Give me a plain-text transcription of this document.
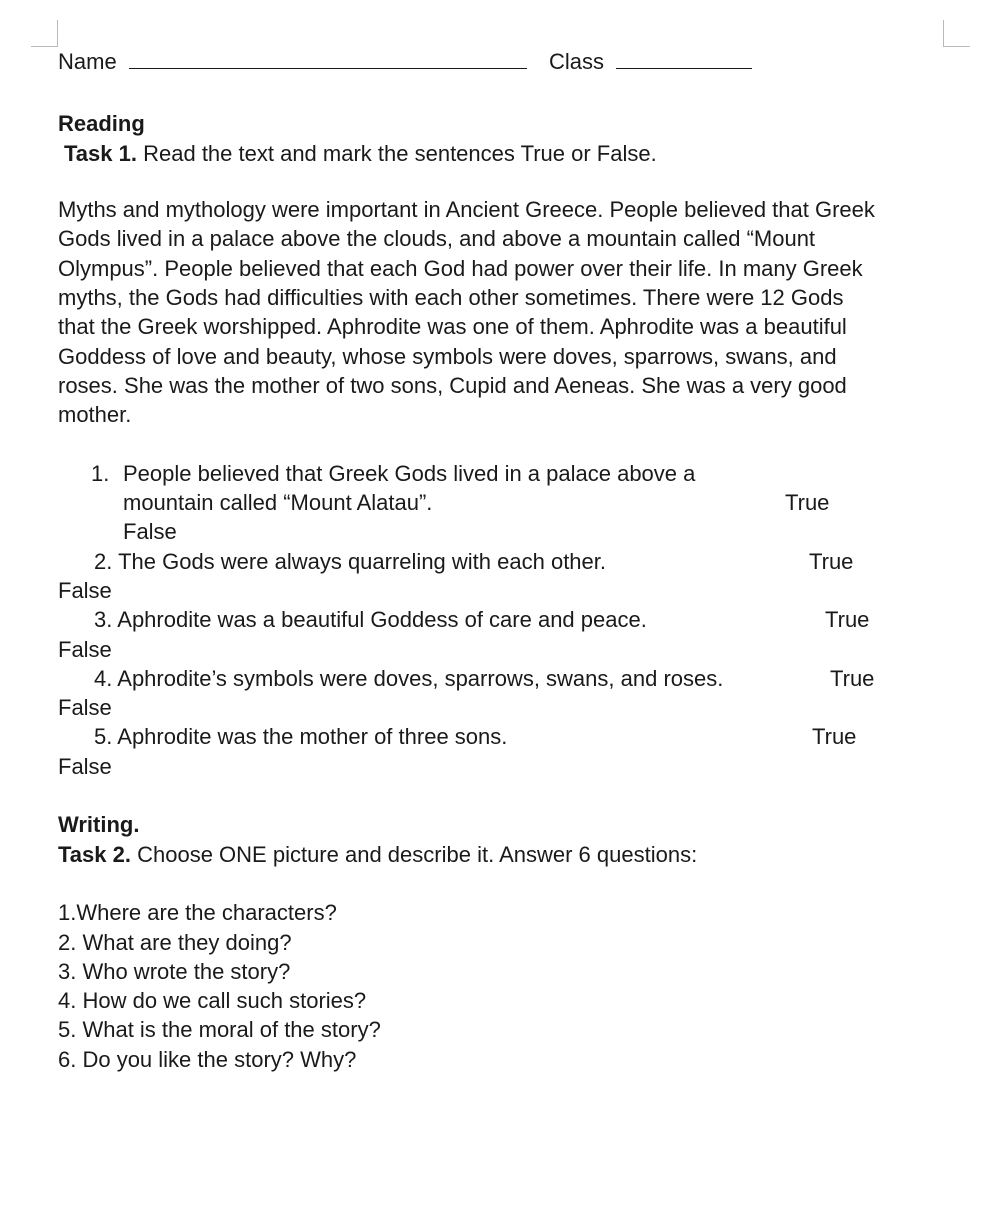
Name	Class
Reading
Task 1. Read the text and mark the sentences True or False.
Myths and mythology were important in Ancient Greece. People believed that Greek
Gods lived in a palace above the clouds, and above a mountain called “Mount
Olympus”. People believed that each God had power over their life. In many Greek
myths, the Gods had difficulties with each other sometimes. There were 12 Gods
that the Greek worshipped. Aphrodite was one of them. Aphrodite was a beautiful
Goddess of love and beauty, whose symbols were doves, sparrows, swans, and
roses. She was the mother of two sons, Cupid and Aeneas. She was a very good
mother.
1. People believed that Greek Gods lived in a palace above a
mountain called “Mount Alatau”.	True
False
2. The Gods were always quarreling with each other.	True
False
3. Aphrodite was a beautiful Goddess of care and peace.	True
False
4. Aphrodite’s symbols were doves, sparrows, swans, and roses.	True
False
5. Aphrodite was the mother of three sons.	True
False
Writing.
Task 2. Choose ONE picture and describe it. Answer 6 questions:
1.Where are the characters?
2. What are they doing?
3. Who wrote the story?
4. How do we call such stories?
5. What is the moral of the story?
6. Do you like the story? Why?
